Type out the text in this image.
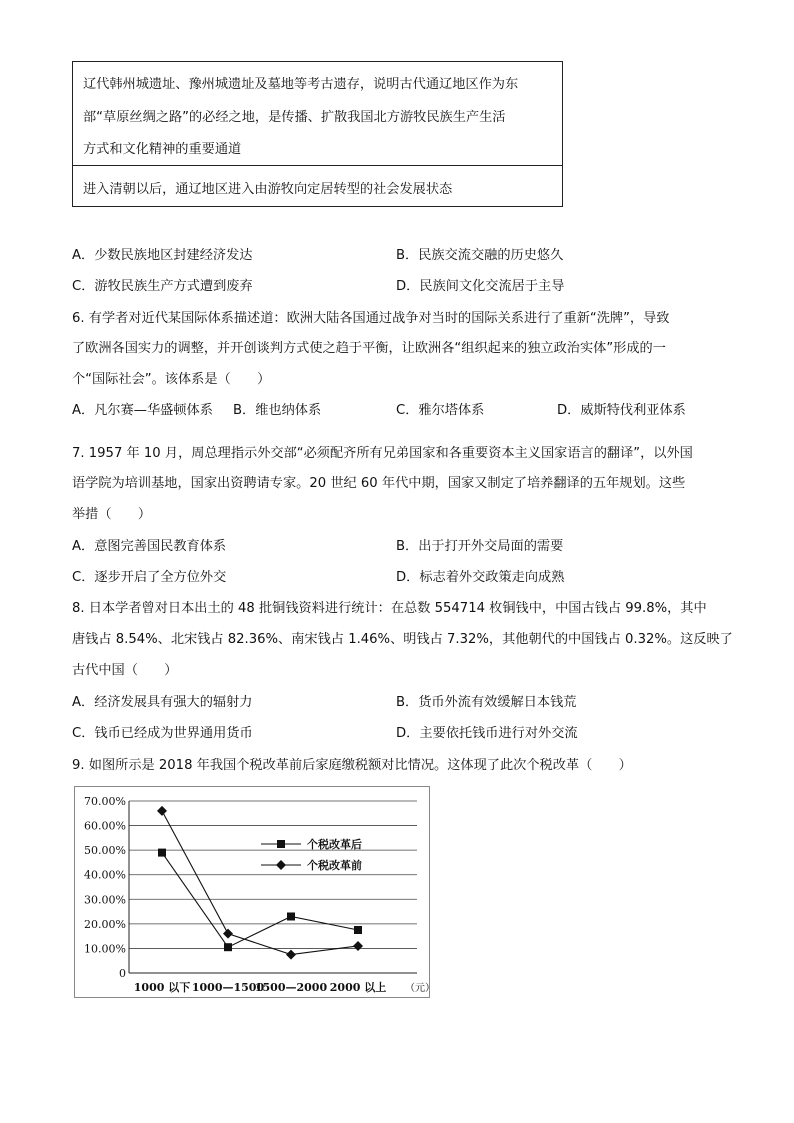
辽代韩州城遗址、豫州城遗址及墓地等考古遗存，说明古代通辽地区作为东
部“草原丝绸之路”的必经之地，是传播、扩散我国北方游牧民族生产生活
方式和文化精神的重要通道
进入清朝以后，通辽地区进入由游牧向定居转型的社会发展状态
A．少数民族地区封建经济发达	B．民族交流交融的历史悠久
C．游牧民族生产方式遭到废弃	D．民族间文化交流居于主导
6. 有学者对近代某国际体系描述道：欧洲大陆各国通过战争对当时的国际关系进行了重新“洗牌”，导致
了欧洲各国实力的调整，并开创谈判方式使之趋于平衡，让欧洲各“组织起来的独立政治实体”形成的一
个“国际社会”。该体系是（　　）
A．凡尔赛—华盛顿体系 B．维也纳体系	C．雅尔塔体系	D．威斯特伐利亚体系
7. 1957 年 10 月，周总理指示外交部“必须配齐所有兄弟国家和各重要资本主义国家语言的翻译”，以外国
语学院为培训基地，国家出资聘请专家。20 世纪 60 年代中期，国家又制定了培养翻译的五年规划。这些
举措（　　）
A．意图完善国民教育体系	B．出于打开外交局面的需要
C．逐步开启了全方位外交	D．标志着外交政策走向成熟
8. 日本学者曾对日本出土的 48 批铜钱资料进行统计：在总数 554714 枚铜钱中，中国古钱占 99.8%，其中
唐钱占 8.54%、北宋钱占 82.36%、南宋钱占 1.46%、明钱占 7.32%，其他朝代的中国钱占 0.32%。这反映了
古代中国（　　）
A．经济发展具有强大的辐射力	B．货币外流有效缓解日本钱荒
C．钱币已经成为世界通用货币	D．主要依托钱币进行对外交流
9. 如图所示是 2018 年我国个税改革前后家庭缴税额对比情况。这体现了此次个税改革（　　）
0
10.00%
20.00%
30.00%
40.00%
50.00%
60.00%
70.00%
1000 以下 1000—1500
1500—2000 2000 以上 （元）
个税改革后
个税改革前
